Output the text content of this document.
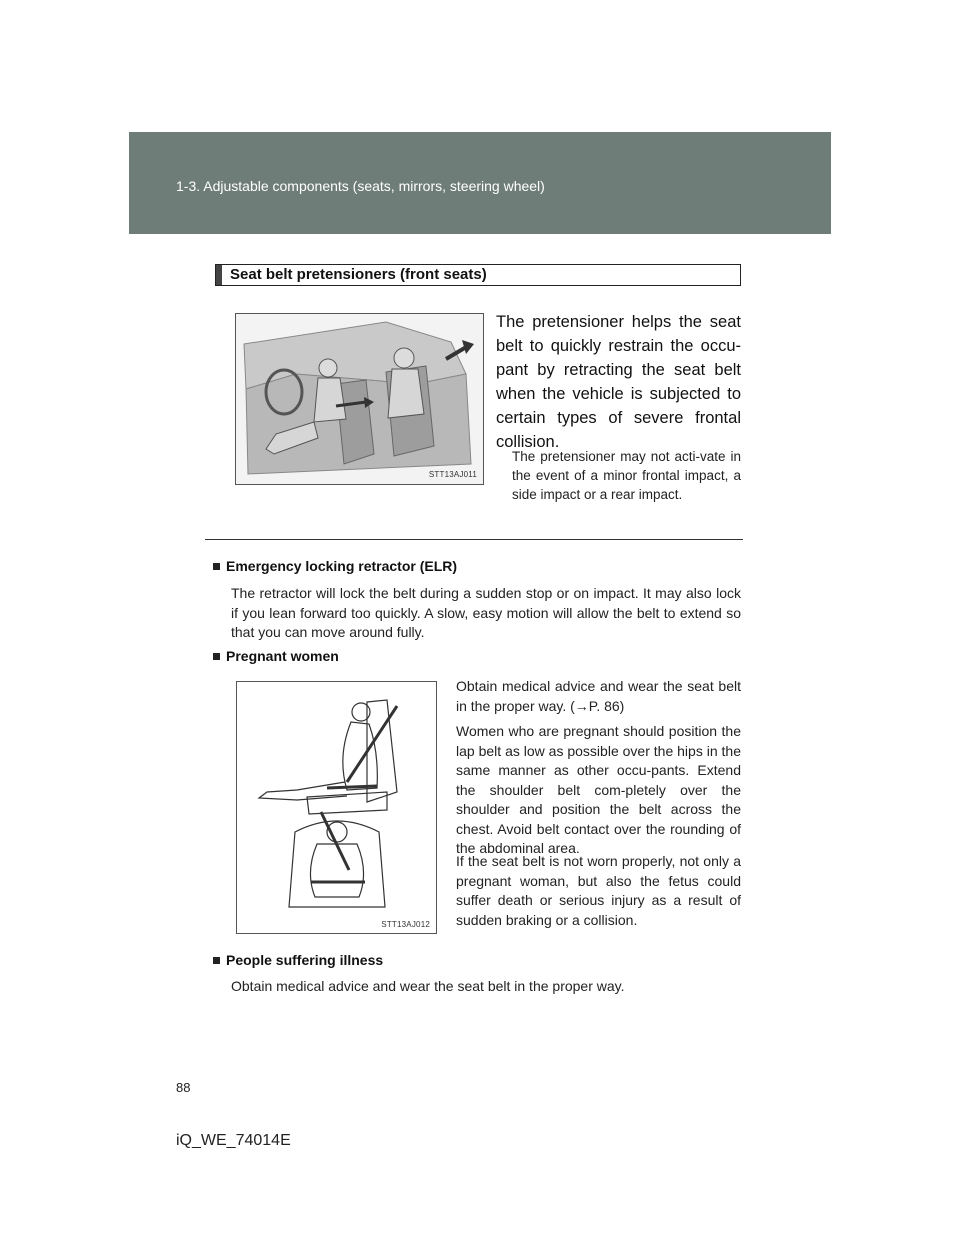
1-3. Adjustable components (seats, mirrors, steering wheel)
Seat belt pretensioners (front seats)
STT13AJ011
The pretensioner helps the seat belt to quickly restrain the occu-pant by retracting the seat belt when the vehicle is subjected to certain types of severe frontal collision.
The pretensioner may not acti-vate in the event of a minor frontal impact, a side impact or a rear impact.
Emergency locking retractor (ELR)
The retractor will lock the belt during a sudden stop or on impact. It may also lock if you lean forward too quickly. A slow, easy motion will allow the belt to extend so that you can move around fully.
Pregnant women
STT13AJ012
Obtain medical advice and wear the seat belt in the proper way. (→P. 86)
Women who are pregnant should position the lap belt as low as possible over the hips in the same manner as other occu-pants. Extend the shoulder belt com-pletely over the shoulder and position the belt across the chest. Avoid belt contact over the rounding of the abdominal area.
If the seat belt is not worn properly, not only a pregnant woman, but also the fetus could suffer death or serious injury as a result of sudden braking or a collision.
People suffering illness
Obtain medical advice and wear the seat belt in the proper way.
88
iQ_WE_74014E
